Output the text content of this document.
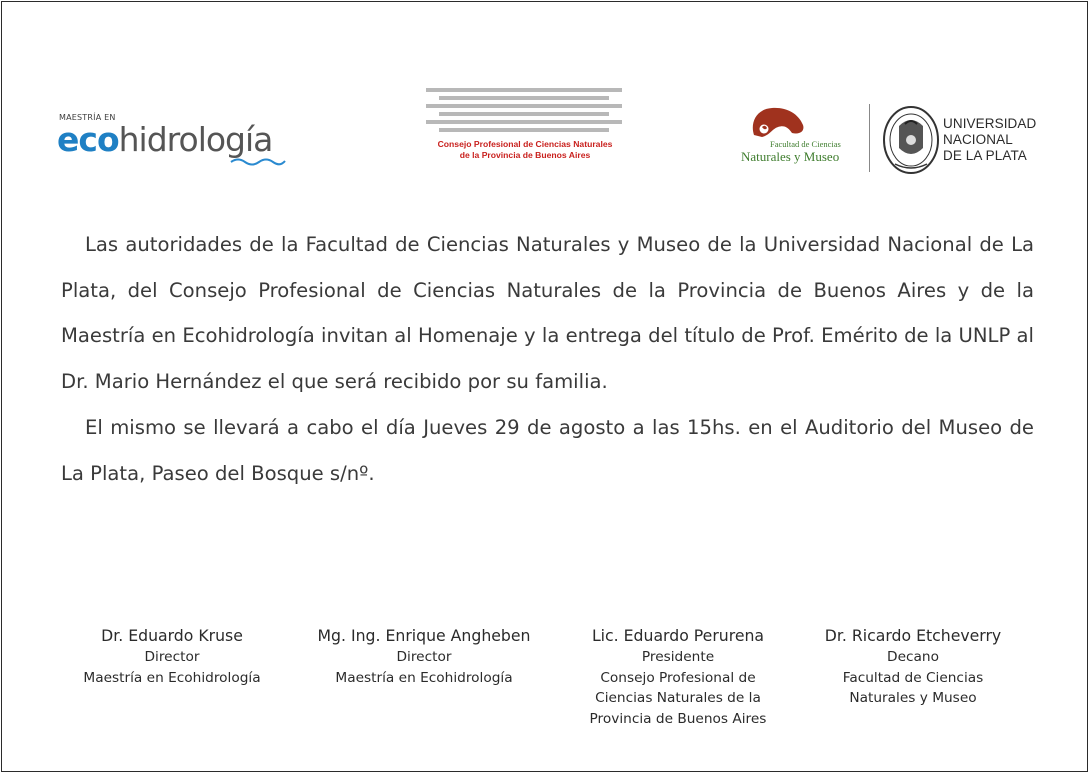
MAESTRÍA EN
ecohidrología	Consejo Profesional de Ciencias Naturales
de la Provincia de Buenos Aires
Facultad de Ciencias
Naturales y Museo
UNIVERSIDAD
NACIONAL
DE LA PLATA

Las autoridades de la Facultad de Ciencias Naturales y Museo de la Universidad Nacional de La Plata, del Consejo Profesional de Ciencias Naturales de la Provincia de Buenos Aires y de la Maestría en Ecohidrología invitan al Homenaje y la entrega del título de Prof. Emérito de la UNLP al Dr. Mario Hernández el que será recibido por su familia.

El mismo se llevará a cabo el día Jueves 29 de agosto a las 15hs. en el Auditorio del Museo de La Plata, Paseo del Bosque s/nº.

Dr. Eduardo Kruse
Director
Maestría en Ecohidrología
Mg. Ing. Enrique Angheben
Director
Maestría en Ecohidrología
Lic. Eduardo Perurena
Presidente
Consejo Profesional de
Ciencias Naturales de la
Provincia de Buenos Aires
Dr. Ricardo Etcheverry
Decano
Facultad de Ciencias
Naturales y Museo
